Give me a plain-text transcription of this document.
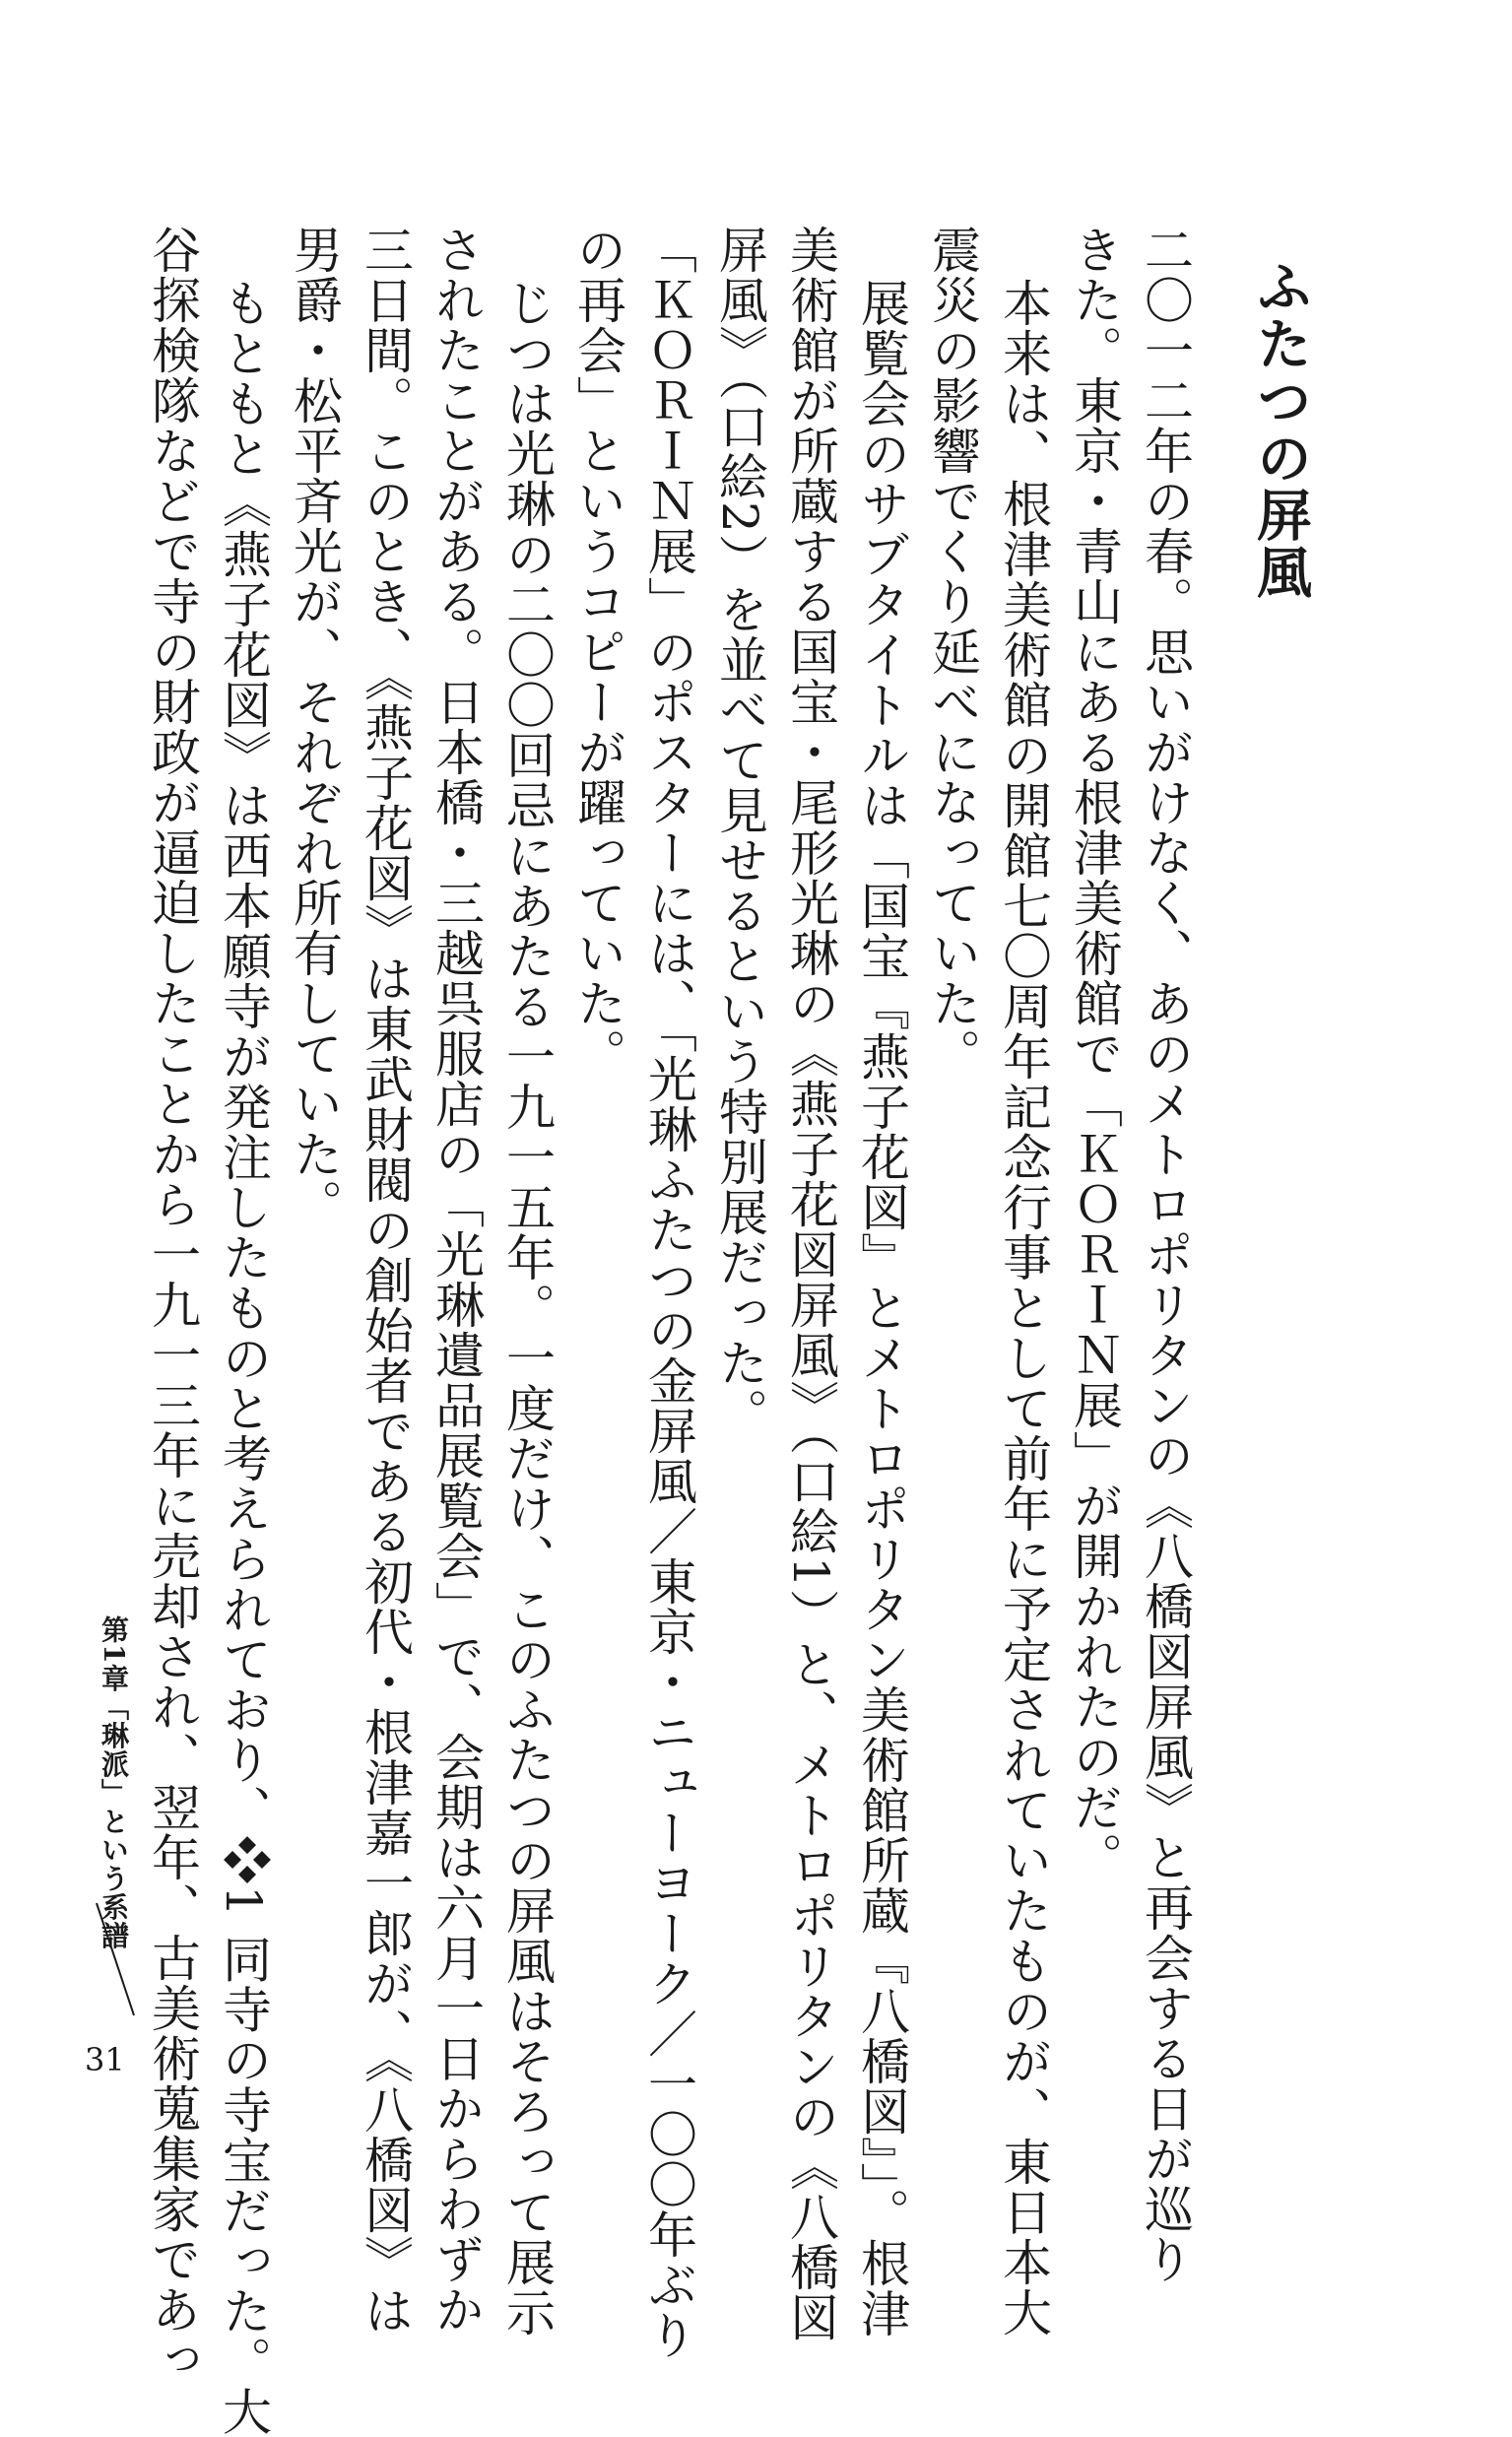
ふたつの屏風
二〇一二年の春。思いがけなく、あのメトロポリタンの《八橋図屏風》と再会する日が巡り
きた。東京・青山にある根津美術館で「ＫＯＲＩＮ展」が開かれたのだ。
本来は、根津美術館の開館七〇周年記念行事として前年に予定されていたものが、東日本大
震災の影響でくり延べになっていた。
展覧会のサブタイトルは「国宝『燕子花図』とメトロポリタン美術館所蔵『八橋図』」。根津
美術館が所蔵する国宝・尾形光琳の《燕子花図屏風》（口絵1）と、メトロポリタンの《八橋図
屏風》（口絵2）を並べて見せるという特別展だった。
「ＫＯＲＩＮ展」のポスターには、「光琳ふたつの金屏風／東京・ニューヨーク／一〇〇年ぶり
の再会」というコピーが躍っていた。
じつは光琳の二〇〇回忌にあたる一九一五年。一度だけ、このふたつの屏風はそろって展示
されたことがある。日本橋・三越呉服店の「光琳遺品展覧会」で、会期は六月一日からわずか
三日間。このとき、《燕子花図》は東武財閥の創始者である初代・根津嘉一郎が、《八橋図》は
男爵・松平斉光が、それぞれ所有していた。
もともと《燕子花図》は西本願寺が発注したものと考えられており、❖1 同寺の寺宝だった。大
谷探検隊などで寺の財政が逼迫したことから一九一三年に売却され、翌年、古美術蒐集家であっ
第1章「琳派」という系譜
31
